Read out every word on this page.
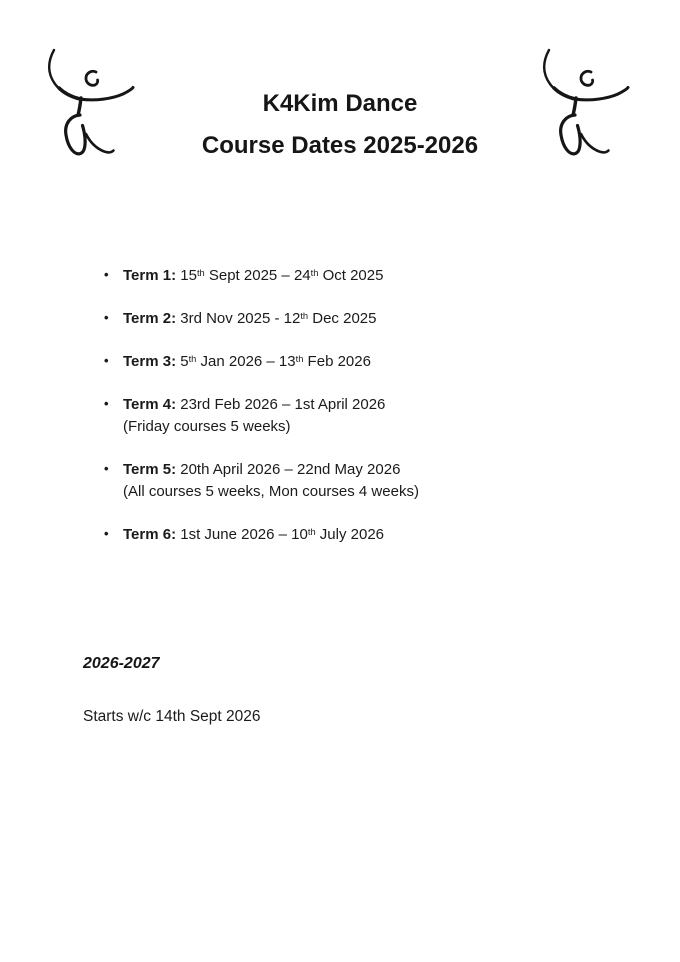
K4Kim Dance
Course Dates 2025-2026
• Term 1: 15th Sept 2025 – 24th Oct 2025
• Term 2: 3rd Nov 2025 - 12th Dec 2025
• Term 3: 5th Jan 2026 – 13th Feb 2026
• Term 4: 23rd Feb 2026 – 1st April 2026
(Friday courses 5 weeks)
• Term 5: 20th April 2026 – 22nd May 2026
(All courses 5 weeks, Mon courses 4 weeks)
• Term 6: 1st June 2026 – 10th July 2026
2026-2027
Starts w/c 14th Sept 2026
